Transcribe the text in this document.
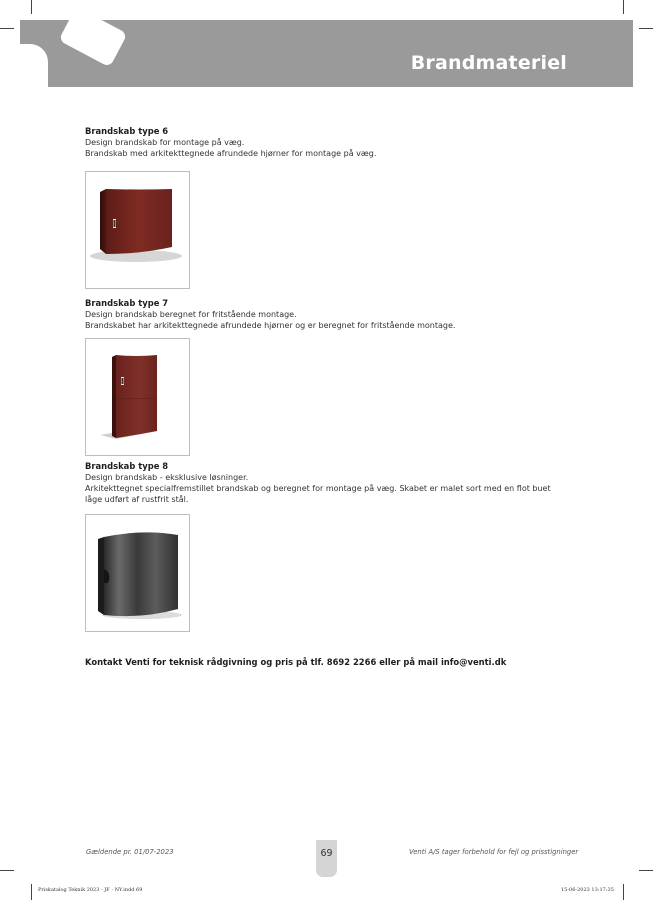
Brandmateriel
Brandskab type 6
Design brandskab for montage på væg.
Brandskab med arkitekttegnede afrundede hjørner for montage på væg.
Brandskab type 7
Design brandskab beregnet for fritstående montage.
Brandskabet har arkitekttegnede afrundede hjørner og er beregnet for fritstående montage.
Brandskab type 8
Design brandskab - eksklusive løsninger.
Arkitekttegnet specialfremstillet brandskab og beregnet for montage på væg. Skabet er malet sort med en flot buet
låge udført af rustfrit stål.
Kontakt Venti for teknisk rådgivning og pris på tlf. 8692 2266 eller på mail info@venti.dk
Gældende pr. 01/07-2023	69	Venti A/S tager forbehold for fejl og prisstigninger
Priskatalog Teknik 2023 - JF - NY.indd 69	15-06-2023 13:17:35
